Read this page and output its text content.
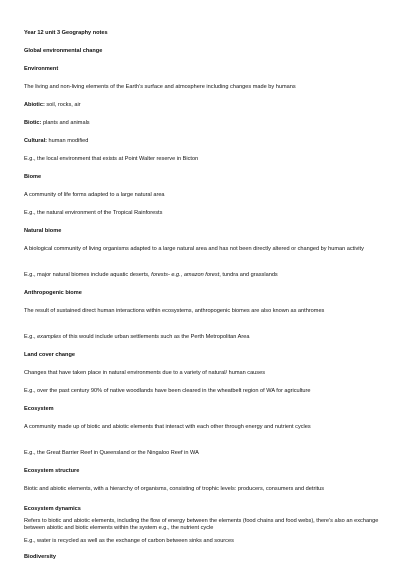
Year 12 unit 3 Geography notes
Global environmental change
Environment
The living and non-living elements of the Earth’s surface and atmosphere including changes made by humans
Abiotic: soil, rocks, air
Biotic: plants and animals
Cultural: human modified
E.g., the local environment that exists at Point Walter reserve in Bicton
Biome
A community of life forms adapted to a large natural area
E.g., the natural environment of the Tropical Rainforests
Natural biome
A biological community of living organisms adapted to a large natural area and has not been directly altered or changed by human activity
E.g., major natural biomes include aquatic deserts, forests- e.g., amazon forest, tundra and grasslands
Anthropogenic biome
The result of sustained direct human interactions within ecosystems, anthropogenic biomes are also known as anthromes
E.g., examples of this would include urban settlements such as the Perth Metropolitan Area
Land cover change
Changes that have taken place in natural environments due to a variety of natural/ human causes
E.g., over the past century 90% of native woodlands have been cleared in the wheatbelt region of WA for agriculture
Ecosystem
A community made up of biotic and abiotic elements that interact with each other through energy and nutrient cycles
E.g., the Great Barrier Reef in Queensland or the Ningaloo Reef in WA
Ecosystem structure
Biotic and abiotic elements, with a hierarchy of organisms, consisting of trophic levels: producers, consumers and detritus
Ecosystem dynamics
Refers to biotic and abiotic elements, including the flow of energy between the elements (food chains and food webs), there’s also an exchange between abiotic and biotic elements within the system e.g., the nutrient cycle
E.g., water is recycled as well as the exchange of carbon between sinks and sources
Biodiversity
